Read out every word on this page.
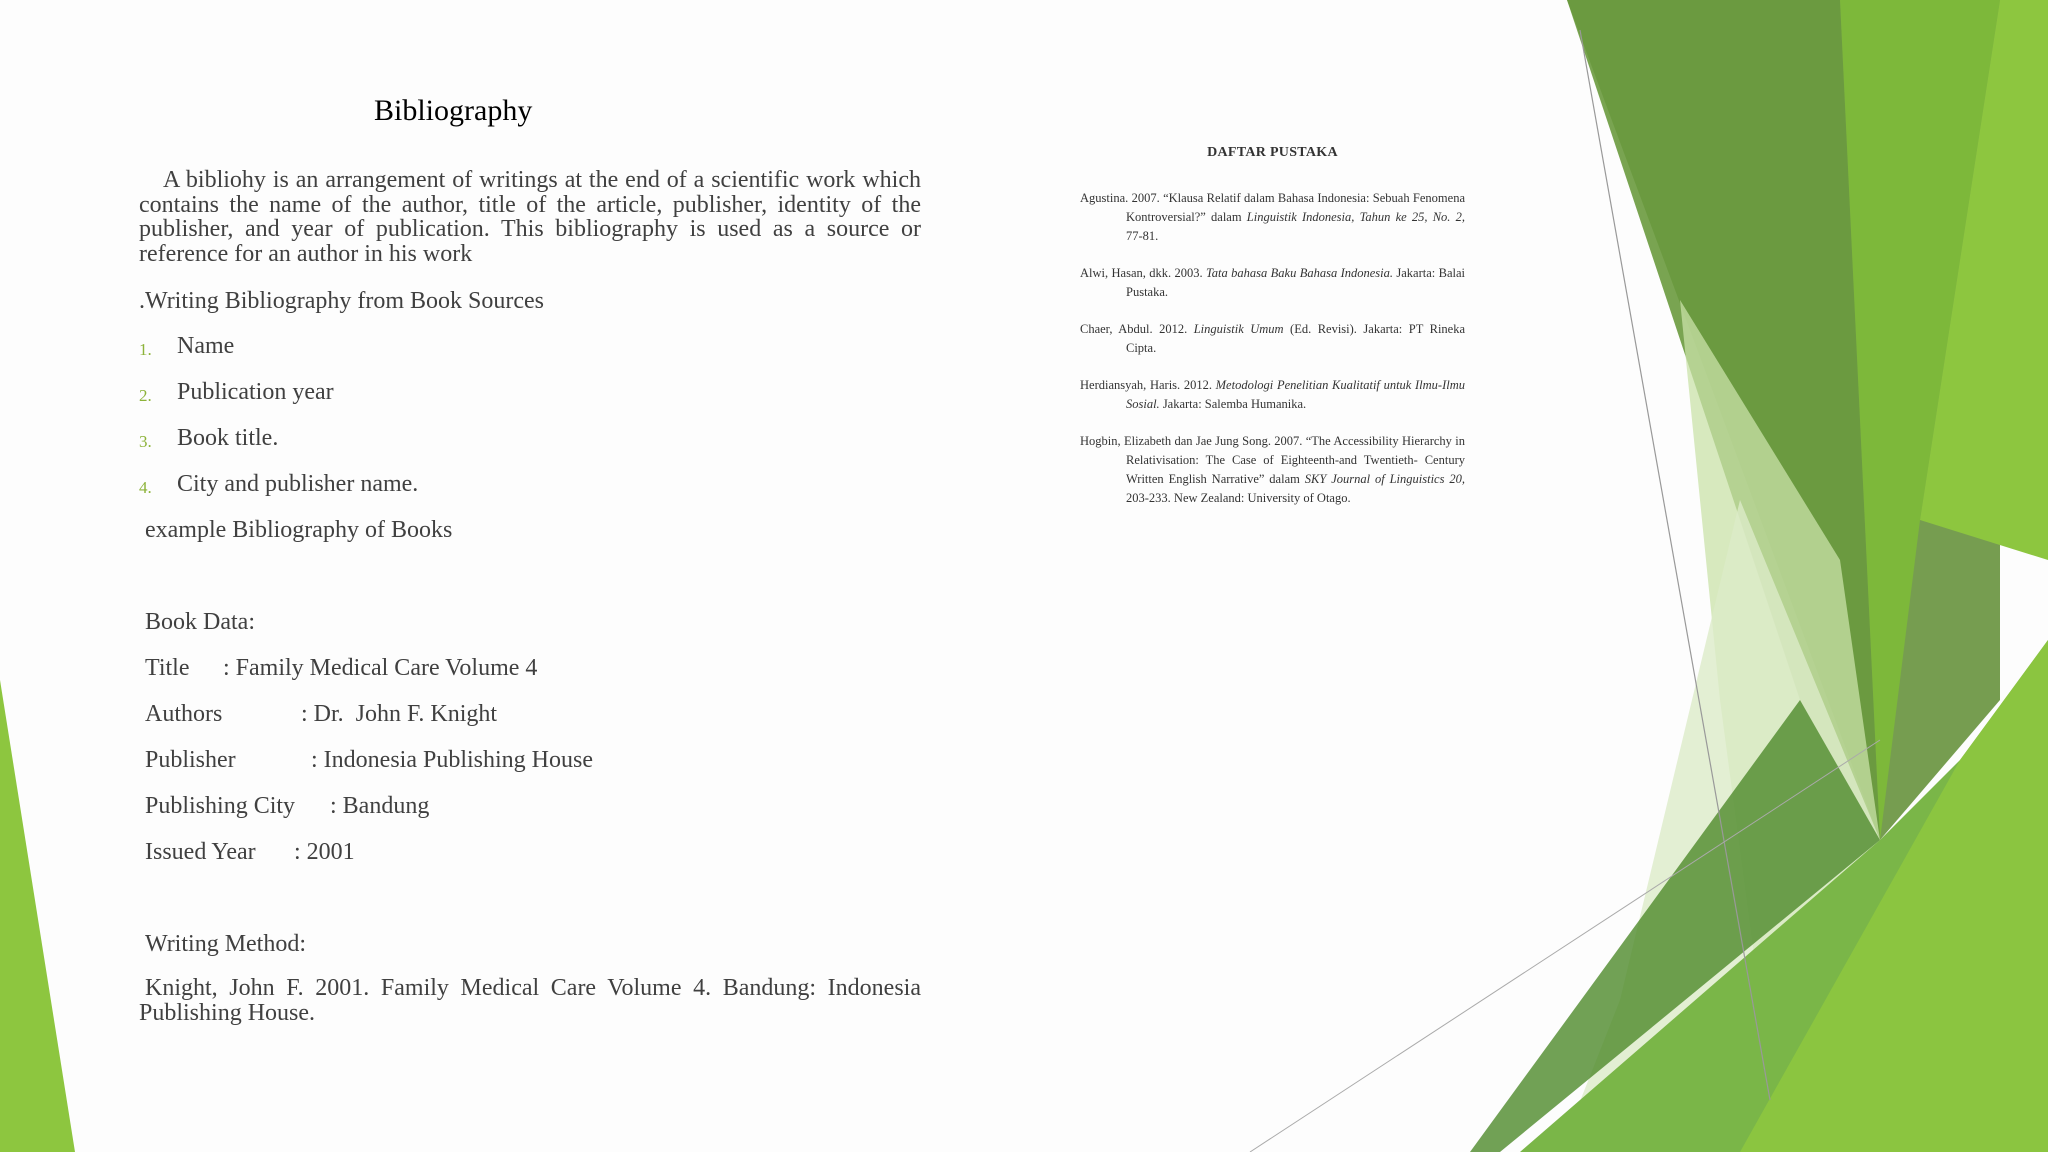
Bibliography
A bibliohy is an arrangement of writings at the end of a scientific work which contains the name of the author, title of the article, publisher, identity of the publisher, and year of publication. This bibliography is used as a source or reference for an author in his work
.Writing Bibliography from Book Sources
1. Name
2. Publication year
3. Book title.
4. City and publisher name.
example Bibliography of Books
Book Data:
Title : Family Medical Care Volume 4
Authors	: Dr.  John F. Knight
Publisher	: Indonesia Publishing House
Publishing City : Bandung
Issued Year : 2001
Writing Method:
Knight, John F. 2001. Family Medical Care Volume 4. Bandung: Indonesia Publishing House.
DAFTAR PUSTAKA
Agustina. 2007. “Klausa Relatif dalam Bahasa Indonesia: Sebuah Fenomena Kontroversial?” dalam Linguistik Indonesia, Tahun ke 25, No. 2, 77-81.
Alwi, Hasan, dkk. 2003. Tata bahasa Baku Bahasa Indonesia. Jakarta: Balai Pustaka.
Chaer, Abdul. 2012. Linguistik Umum (Ed. Revisi). Jakarta: PT Rineka Cipta.
Herdiansyah, Haris. 2012. Metodologi Penelitian Kualitatif untuk Ilmu-Ilmu Sosial. Jakarta: Salemba Humanika.
Hogbin, Elizabeth dan Jae Jung Song. 2007. “The Accessibility Hierarchy in Relativisation: The Case of Eighteenth-and Twentieth- Century Written English Narrative” dalam SKY Journal of Linguistics 20, 203-233. New Zealand: University of Otago.
